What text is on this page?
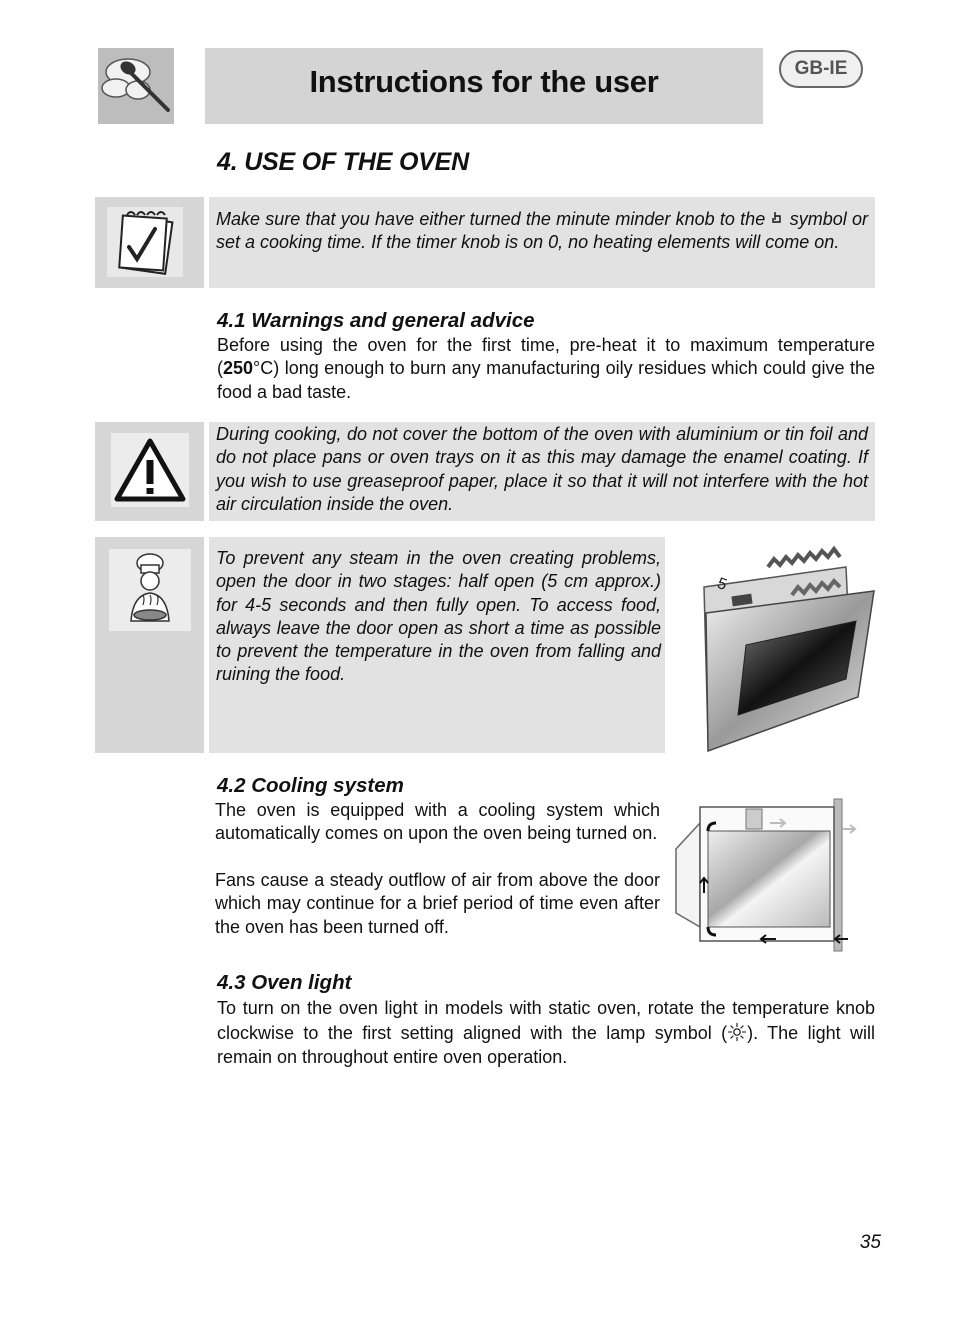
Instructions for the user	GB-IE
4. USE OF THE OVEN
Make sure that you have either turned the minute minder knob to the symbol or set a cooking time. If the timer knob is on 0, no heating elements will come on.
4.1 Warnings and general advice
Before using the oven for the first time, pre-heat it to maximum temperature (250°C) long enough to burn any manufacturing oily residues which could give the food a bad taste.
During cooking, do not cover the bottom of the oven with aluminium or tin foil and do not place pans or oven trays on it as this may damage the enamel coating. If you wish to use greaseproof paper, place it so that it will not interfere with the hot air circulation inside the oven.
To prevent any steam in the oven creating problems, open the door in two stages: half open (5 cm approx.) for 4-5 seconds and then fully open. To access food, always leave the door open as short a time as possible to prevent the temperature in the oven from falling and ruining the food.
5
4.2 Cooling system
The oven is equipped with a cooling system which automatically comes on upon the oven being turned on.
Fans cause a steady outflow of air from above the door which may continue for a brief period of time even after the oven has been turned off.
4.3 Oven light
To turn on the oven light in models with static oven, rotate the temperature knob clockwise to the first setting aligned with the lamp symbol ( ). The light will remain on throughout entire oven operation.
35
